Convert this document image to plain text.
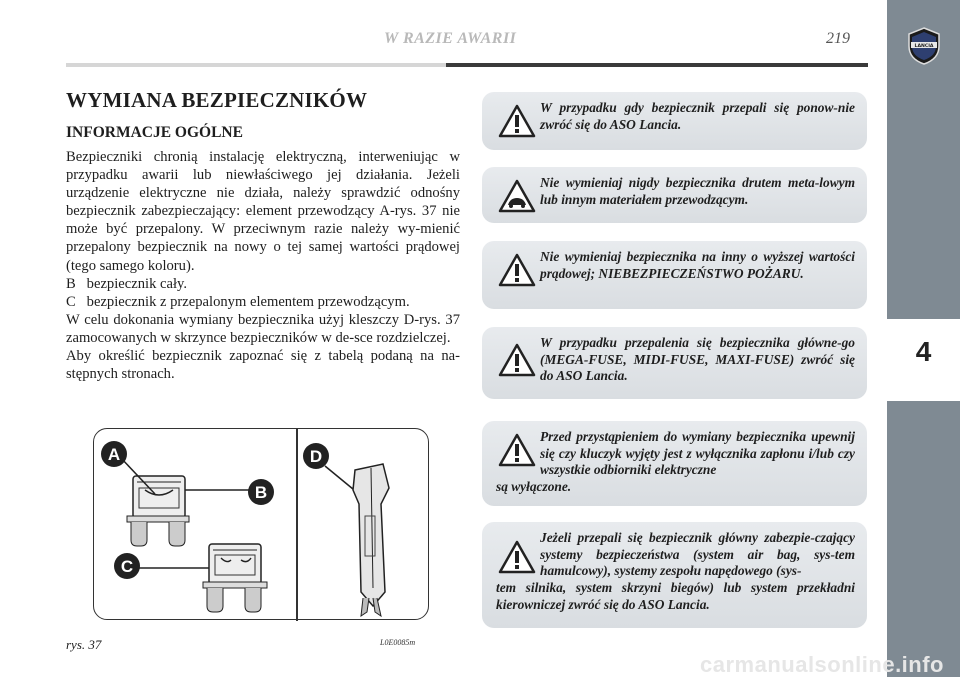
W RAZIE AWARII	219	LANCIA
4
WYMIANA BEZPIECZNIKÓW
INFORMACJE OGÓLNE

Bezpieczniki chronią instalację elektryczną, interweniując w przypadku awarii lub niewłaściwego jej działania. Jeżeli urządzenie elektryczne nie działa, należy sprawdzić odnośny bezpiecznik zabezpieczający: element przewodzący A-rys. 37 nie może być przepalony. W przeciwnym razie należy wy-mienić przepalony bezpiecznik na nowy o tej samej wartości prądowej (tego samego koloru).

B   bezpiecznik cały.

C   bezpiecznik z przepalonym elementem przewodzącym.

W celu dokonania wymiany bezpiecznika użyj kleszczy D-rys. 37 zamocowanych w skrzynce bezpieczników w de-sce rozdzielczej.

Aby określić bezpiecznik zapoznać się z tabelą podaną na na-stępnych stronach.

A
B
C
D
rys. 37	L0E0085m
W przypadku gdy bezpiecznik przepali się ponow-nie zwróć się do ASO Lancia.
Nie wymieniaj nigdy bezpiecznika drutem meta-lowym lub innym materiałem przewodzącym.
Nie wymieniaj bezpiecznika na inny o wyższej wartości prądowej; NIEBEZPIECZEŃSTWO POŻARU.
W przypadku przepalenia się bezpiecznika główne-go (MEGA-FUSE, MIDI-FUSE, MAXI-FUSE) zwróć się do ASO Lancia.
Przed przystąpieniem do wymiany bezpiecznika upewnij się czy kluczyk wyjęty jest z wyłącznika zapłonu i/lub czy wszystkie odbiorniki elektryczne
są wyłączone.
Jeżeli przepali się bezpiecznik główny zabezpie-czający systemy bezpieczeństwa (system air bag, sys-tem hamulcowy), systemy zespołu napędowego (sys-
tem silnika, system skrzyni biegów) lub system przekładni kierowniczej zwróć się do ASO Lancia.
carmanualsonline.info
